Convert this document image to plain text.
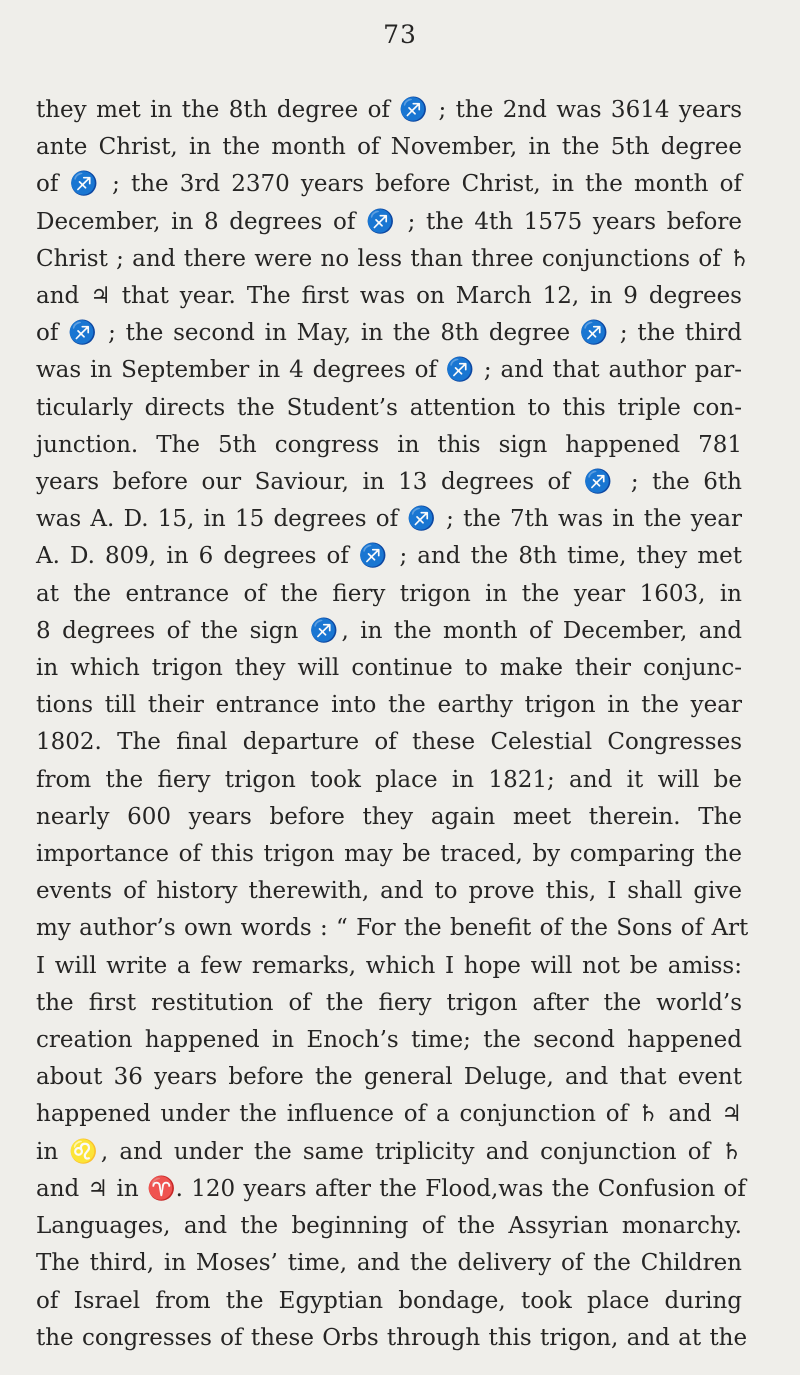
73
they met in the 8th degree of ♐ ; the 2nd was 3614 years
ante Christ, in the month of November, in the 5th degree
of ♐ ; the 3rd 2370 years before Christ, in the month of
December, in 8 degrees of ♐ ; the 4th 1575 years before
Christ ; and there were no less than three conjunctions of ♄
and ♃ that year. The first was on March 12, in 9 degrees
of ♐ ; the second in May, in the 8th degree ♐ ; the third
was in September in 4 degrees of ♐ ; and that author par-
ticularly directs the Student’s attention to this triple con-
junction. The 5th congress in this sign happened 781
years before our Saviour, in 13 degrees of ♐ ; the 6th
was A. D. 15, in 15 degrees of ♐ ; the 7th was in the year
A. D. 809, in 6 degrees of ♐ ; and the 8th time, they met
at the entrance of the fiery trigon in the year 1603, in
8 degrees of the sign ♐, in the month of December, and
in which trigon they will continue to make their conjunc-
tions till their entrance into the earthy trigon in the year
1802. The final departure of these Celestial Congresses
from the fiery trigon took place in 1821; and it will be
nearly 600 years before they again meet therein. The
importance of this trigon may be traced, by comparing the
events of history therewith, and to prove this, I shall give
my author’s own words : “ For the benefit of the Sons of Art
I will write a few remarks, which I hope will not be amiss:
the first restitution of the fiery trigon after the world’s
creation happened in Enoch’s time; the second happened
about 36 years before the general Deluge, and that event
happened under the influence of a conjunction of ♄ and ♃
in ♌, and under the same triplicity and conjunction of ♄
and ♃ in ♈. 120 years after the Flood,was the Confusion of
Languages, and the beginning of the Assyrian monarchy.
The third, in Moses’ time, and the delivery of the Children
of Israel from the Egyptian bondage, took place during
the congresses of these Orbs through this trigon, and at the
